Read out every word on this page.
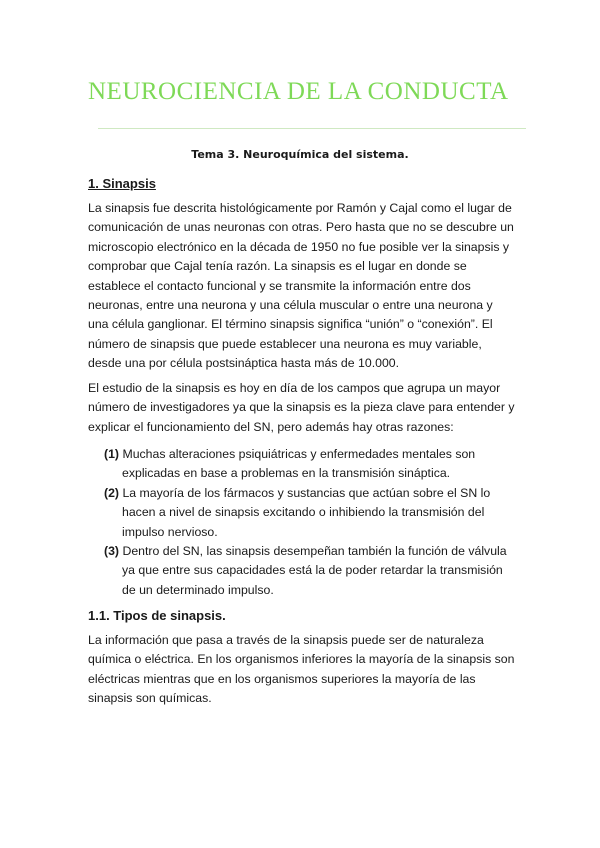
NEUROCIENCIA DE LA CONDUCTA

Tema 3. Neuroquímica del sistema.

1. Sinapsis

La sinapsis fue descrita histológicamente por Ramón y Cajal como el lugar de comunicación de unas neuronas con otras. Pero hasta que no se descubre un microscopio electrónico en la década de 1950 no fue posible ver la sinapsis y comprobar que Cajal tenía razón. La sinapsis es el lugar en donde se establece el contacto funcional y se transmite la información entre dos neuronas, entre una neurona y una célula muscular o entre una neurona y una célula ganglionar. El término sinapsis significa “unión” o “conexión”. El número de sinapsis que puede establecer una neurona es muy variable, desde una por célula postsináptica hasta más de 10.000.

El estudio de la sinapsis es hoy en día de los campos que agrupa un mayor número de investigadores ya que la sinapsis es la pieza clave para entender y explicar el funcionamiento del SN, pero además hay otras razones:

(1) Muchas alteraciones psiquiátricas y enfermedades mentales son explicadas en base a problemas en la transmisión sináptica.
(2) La mayoría de los fármacos y sustancias que actúan sobre el SN lo hacen a nivel de sinapsis excitando o inhibiendo la transmisión del impulso nervioso.
(3) Dentro del SN, las sinapsis desempeñan también la función de válvula ya que entre sus capacidades está la de poder retardar la transmisión de un determinado impulso.
1.1. Tipos de sinapsis.

La información que pasa a través de la sinapsis puede ser de naturaleza química o eléctrica. En los organismos inferiores la mayoría de la sinapsis son eléctricas mientras que en los organismos superiores la mayoría de las sinapsis son químicas.
